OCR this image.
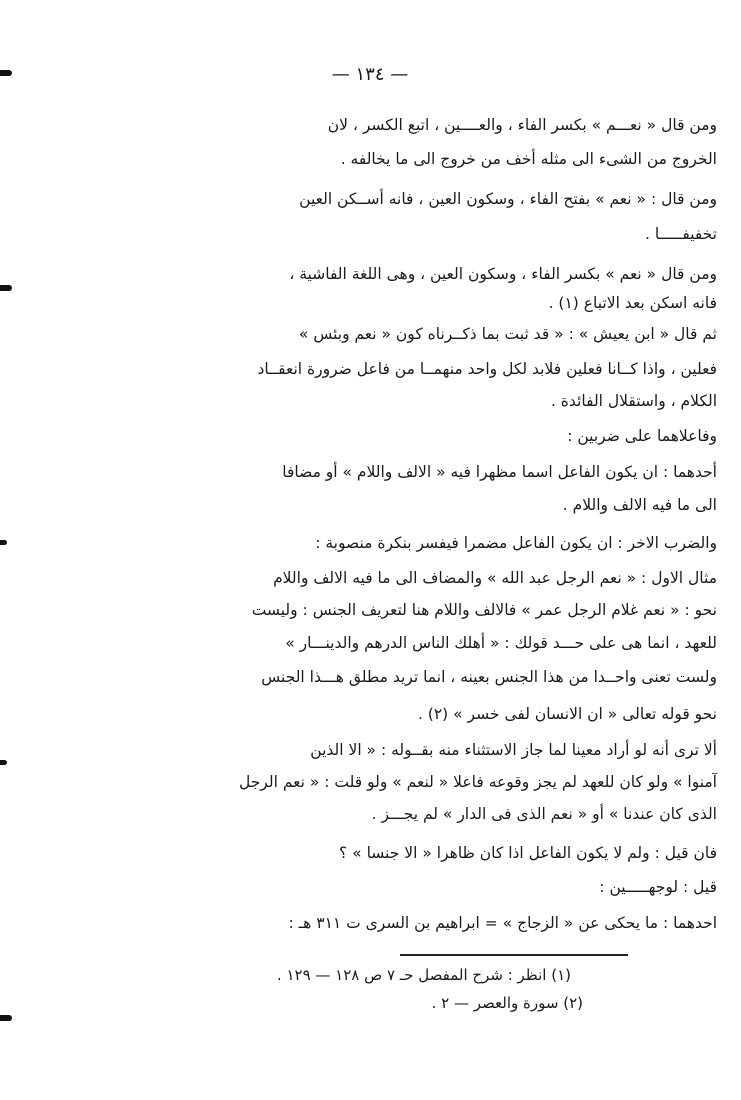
— ١٣٤ —
ومن قال « نعـــم » بكسر الفاء ، والعــــين ، اتبع الكسر ، لان
الخروج من الشىء الى مثله أخف من خروج الى ما يخالفه .
ومن قال : « نعم » بفتح الفاء ، وسكون العين ، فانه أســكن العين
تخفيفـــــا .
ومن قال « نعم » بكسر الفاء ، وسكون العين ، وهى اللغة الفاشية ،
فانه اسكن بعد الاتباع (١) .
ثم قال « ابن يعيش » : « قد ثبت بما ذكــرناه كون « نعم وبئس »
فعلين ، واذا كــانا فعلين فلابد لكل واحد منهمــا من فاعل ضرورة انعقــاد
الكلام ، واستقلال الفائدة .
وفاعلاهما على ضربين :
أحدهما : ان يكون الفاعل اسما مظهرا فيه « الالف واللام » أو مضافا
الى ما فيه الالف واللام .
والضرب الاخر : ان يكون الفاعل مضمرا فيفسر بنكرة منصوبة :
مثال الاول : « نعم الرجل عبد الله » والمضاف الى ما فيه الالف واللام
نحو : « نعم غلام الرجل عمر » فالالف واللام هنا لتعريف الجنس : وليست
للعهد ، انما هى على حـــد قولك : « أهلك الناس الدرهم والدينـــار »
ولست تعنى واحــدا من هذا الجنس بعينه ، انما تريد مطلق هـــذا الجنس
نحو قوله تعالى « ان الانسان لفى خسر » (٢) .
ألا ترى أنه لو أراد معينا لما جاز الاستثناء منه بقــوله : « الا الذين
آمنوا » ولو كان للعهد لم يجز وقوعه فاعلا « لنعم » ولو قلت : « نعم الرجل
الذى كان عندنا » أو « نعم الذى فى الدار » لم يجـــز .
فان قيل : ولم لا يكون الفاعل اذا كان ظاهرا « الا جنسا » ؟
قيل : لوجهـــــين :
احدهما : ما يحكى عن « الزجاج » = ابراهيم بن السرى ت ٣١١ هـ :
(١) انظر : شرح المفصل حـ ٧ ص ١٢٨ — ١٢٩ .
(٢) سورة والعصر — ٢ .
